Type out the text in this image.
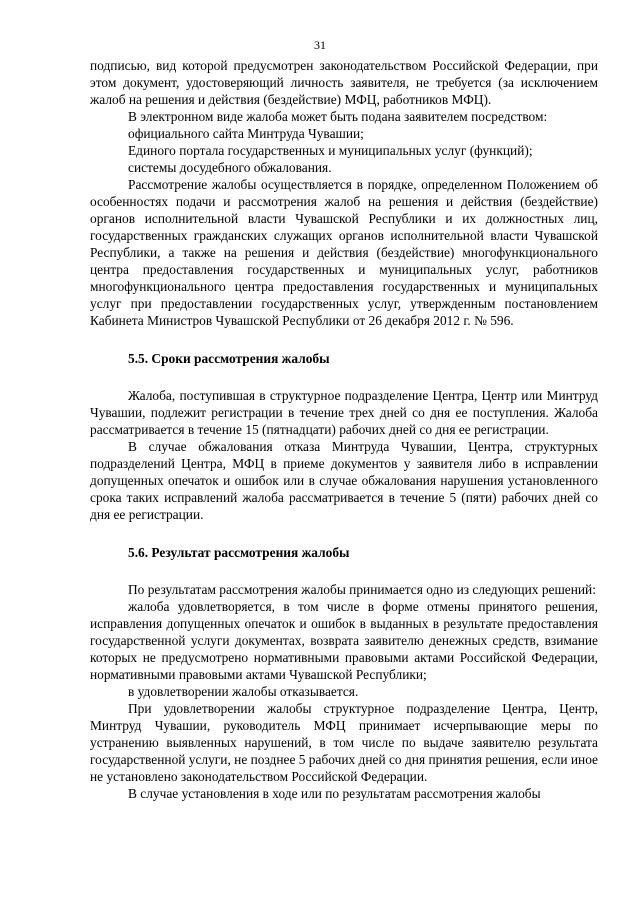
31

подписью, вид которой предусмотрен законодательством Российской Федерации, при этом документ, удостоверяющий личность заявителя, не требуется (за исключением жалоб на решения и действия (бездействие) МФЦ, работников МФЦ).

В электронном виде жалоба может быть подана заявителем посредством:

официального сайта Минтруда Чувашии;

Единого портала государственных и муниципальных услуг (функций);

системы досудебного обжалования.

Рассмотрение жалобы осуществляется в порядке, определенном Положением об особенностях подачи и рассмотрения жалоб на решения и действия (бездействие) органов исполнительной власти Чувашской Республики и их должностных лиц, государственных гражданских служащих органов исполнительной власти Чувашской Республики, а также на решения и действия (бездействие) многофункционального центра предоставления государственных и муниципальных услуг, работников многофункционального центра предоставления государственных и муниципальных услуг при предоставлении государственных услуг, утвержденным постановлением Кабинета Министров Чувашской Республики от 26 декабря 2012 г. № 596.

5.5. Сроки рассмотрения жалобы

Жалоба, поступившая в структурное подразделение Центра, Центр или Минтруд Чувашии, подлежит регистрации в течение трех дней со дня ее поступления. Жалоба рассматривается в течение 15 (пятнадцати) рабочих дней со дня ее регистрации.

В случае обжалования отказа Минтруда Чувашии, Центра, структурных подразделений Центра, МФЦ в приеме документов у заявителя либо в исправлении допущенных опечаток и ошибок или в случае обжалования нарушения установленного срока таких исправлений жалоба рассматривается в течение 5 (пяти) рабочих дней со дня ее регистрации.

5.6. Результат рассмотрения жалобы

По результатам рассмотрения жалобы принимается одно из следующих решений:

жалоба удовлетворяется, в том числе в форме отмены принятого решения, исправления допущенных опечаток и ошибок в выданных в результате предоставления государственной услуги документах, возврата заявителю денежных средств, взимание которых не предусмотрено нормативными правовыми актами Российской Федерации, нормативными правовыми актами Чувашской Республики;

в удовлетворении жалобы отказывается.

При удовлетворении жалобы структурное подразделение Центра, Центр, Минтруд Чувашии, руководитель МФЦ принимает исчерпывающие меры по устранению выявленных нарушений, в том числе по выдаче заявителю результата государственной услуги, не позднее 5 рабочих дней со дня принятия решения, если иное не установлено законодательством Российской Федерации.

В случае установления в ходе или по результатам рассмотрения жалобы
